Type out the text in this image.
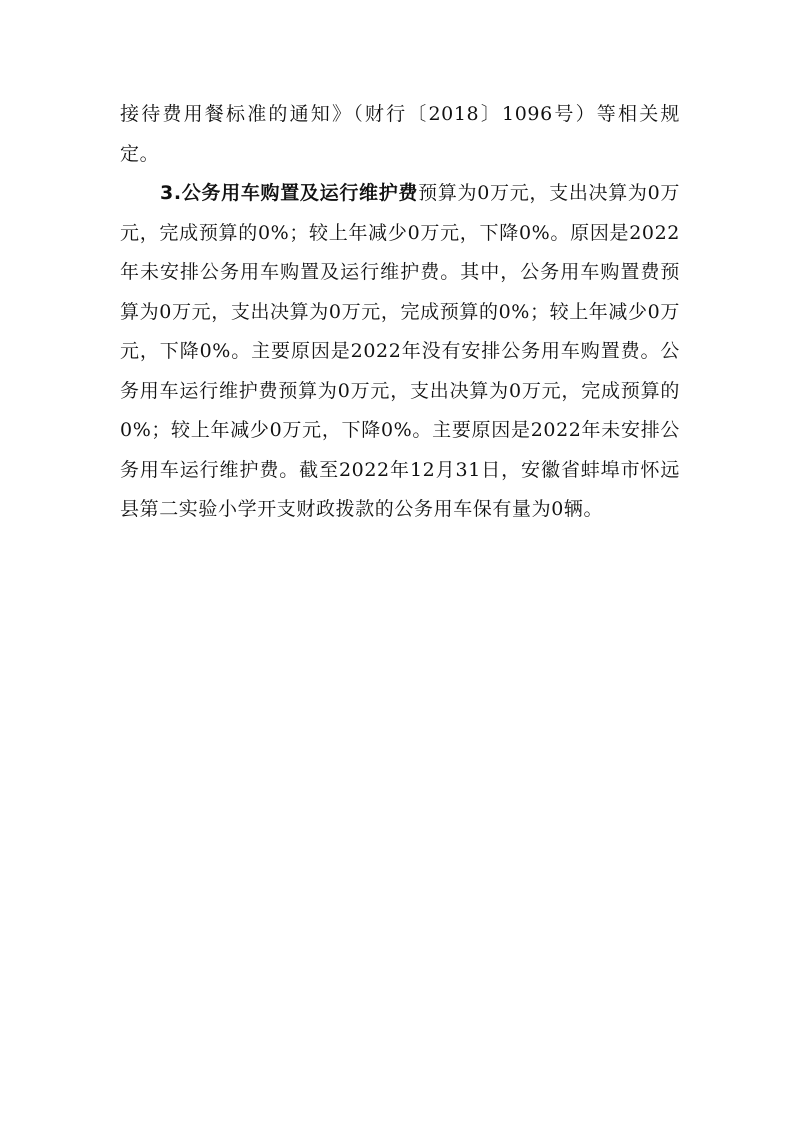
接待费用餐标准的通知》（财行〔2018〕1096号）等相关规定。

3.公务用车购置及运行维护费预算为0万元，支出决算为0万元，完成预算的0%；较上年减少0万元，下降0%。原因是2022年未安排公务用车购置及运行维护费。其中，公务用车购置费预算为0万元，支出决算为0万元，完成预算的0%；较上年减少0万元，下降0%。主要原因是2022年没有安排公务用车购置费。公务用车运行维护费预算为0万元，支出决算为0万元，完成预算的0%；较上年减少0万元，下降0%。主要原因是2022年未安排公务用车运行维护费。截至2022年12月31日，安徽省蚌埠市怀远县第二实验小学开支财政拨款的公务用车保有量为0辆。
